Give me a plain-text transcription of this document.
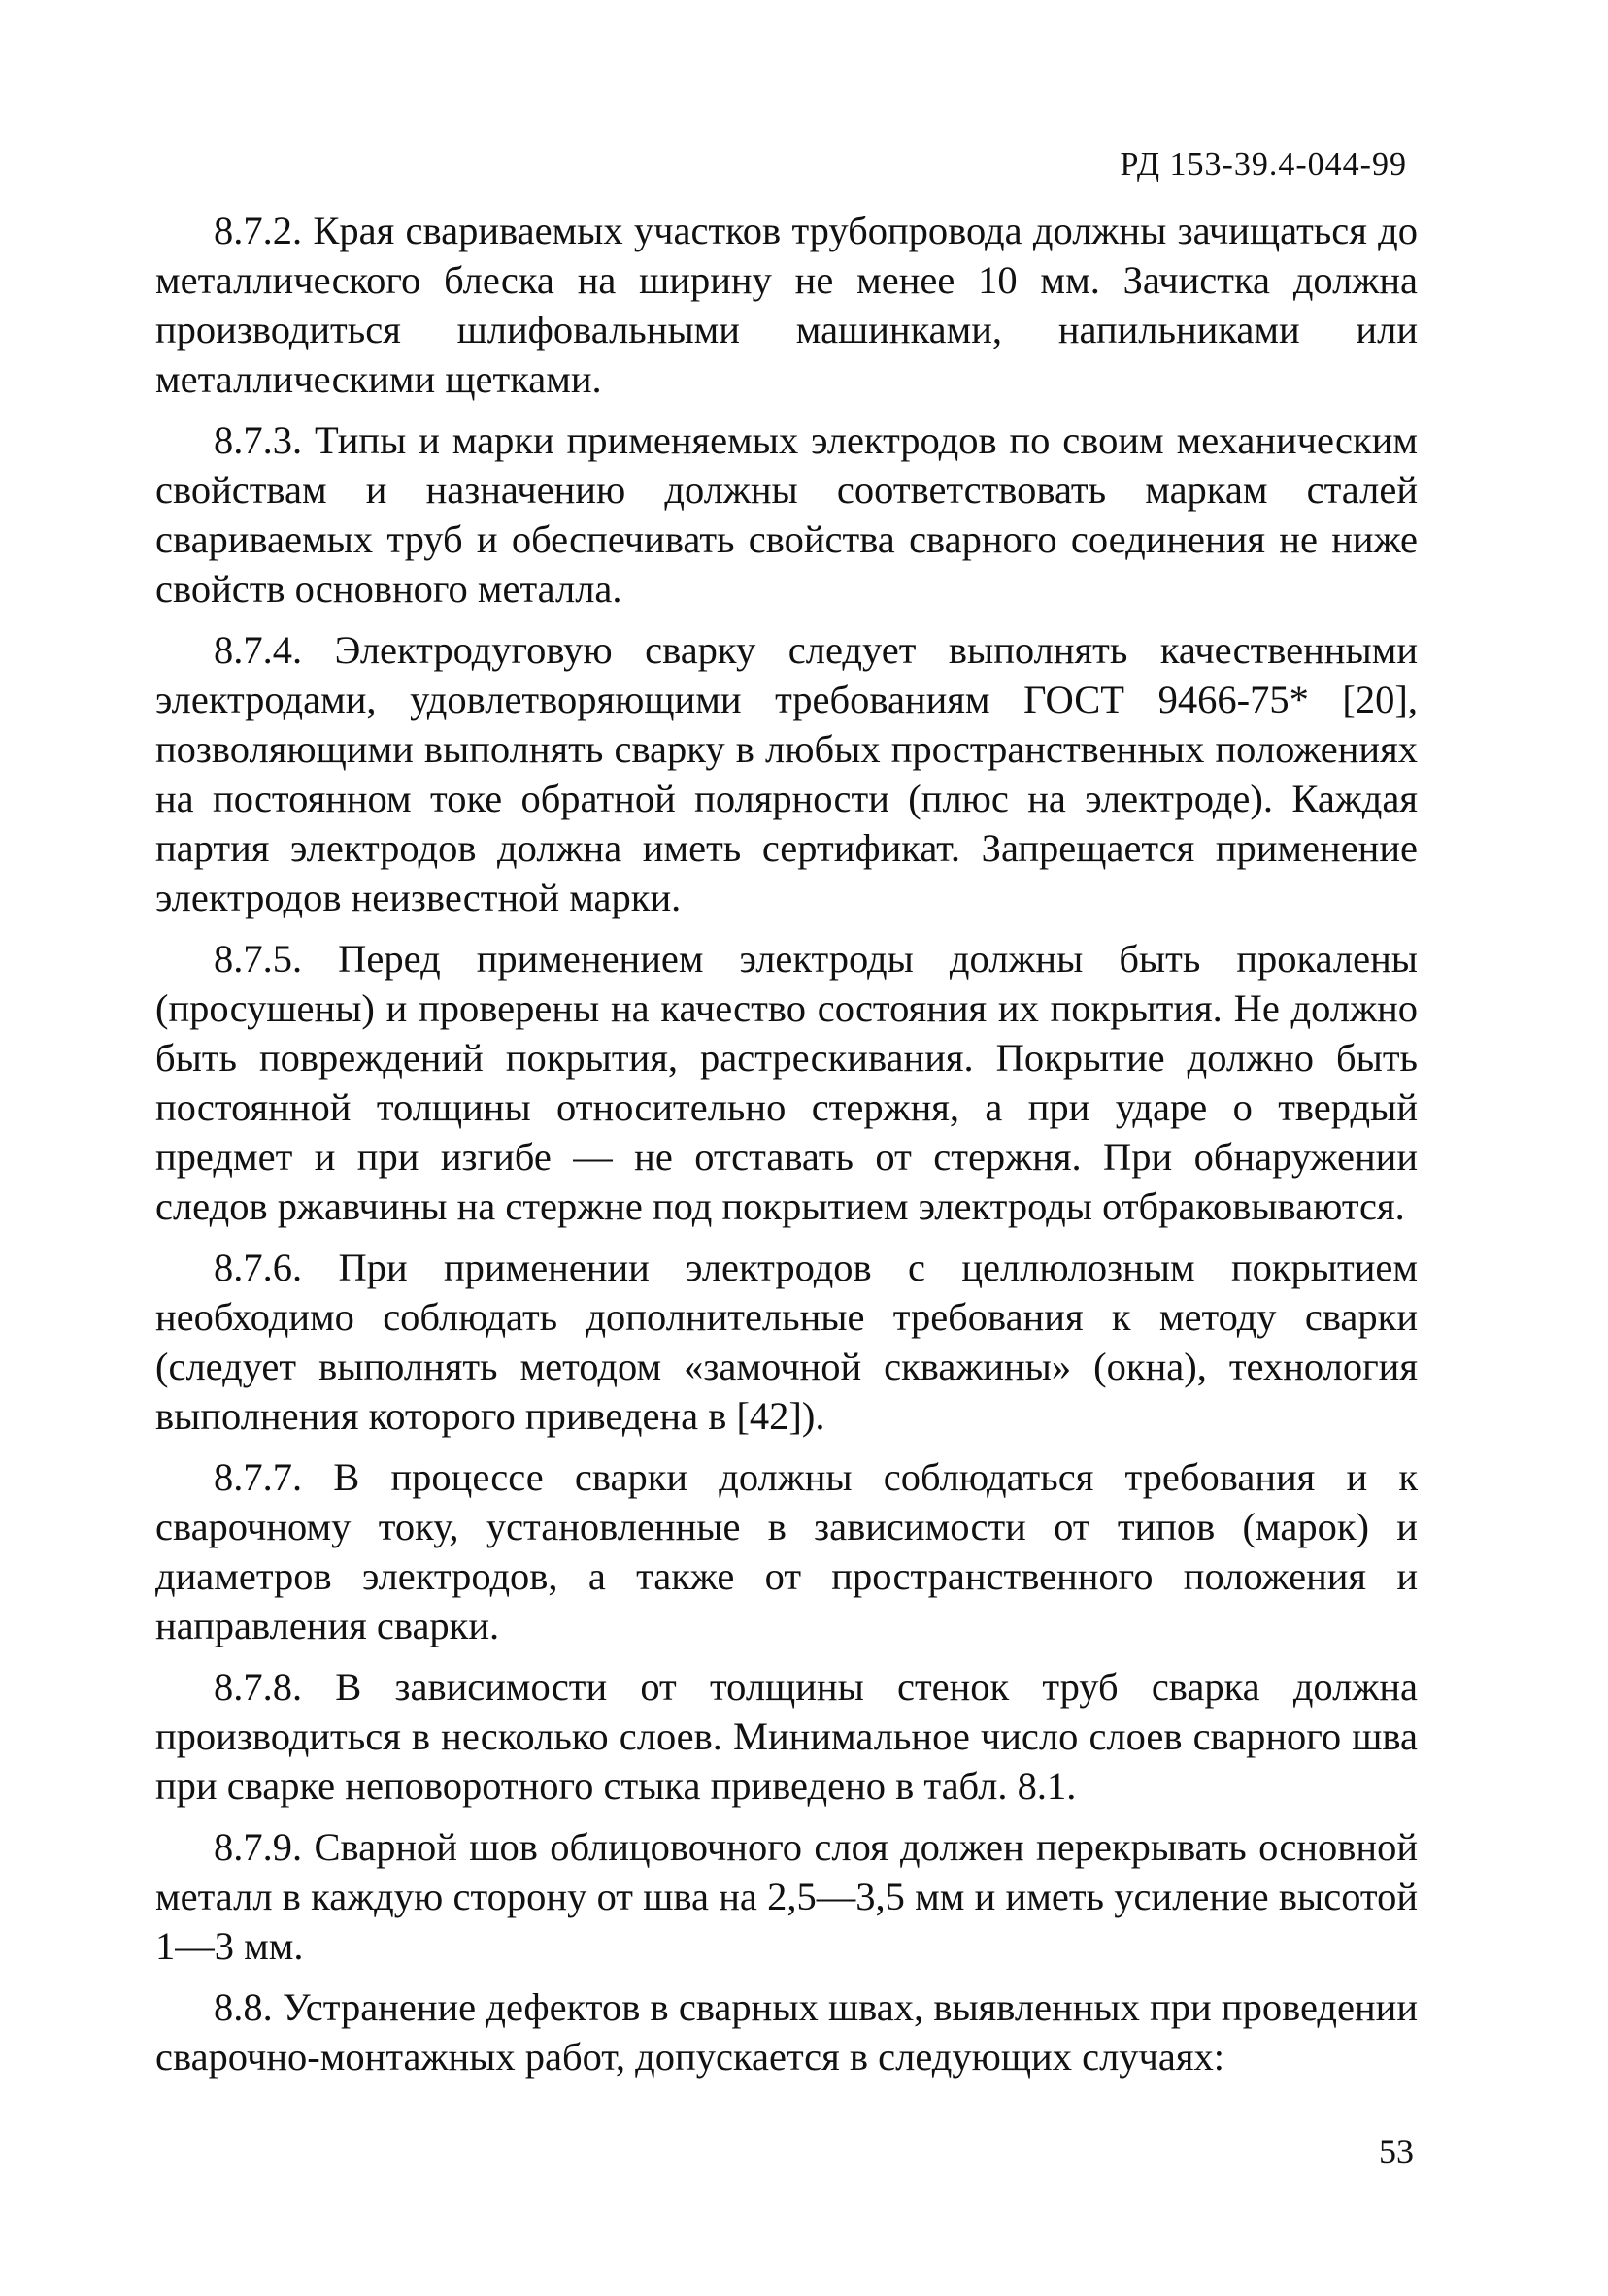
РД 153-39.4-044-99

8.7.2. Края свариваемых участков трубопровода должны зачищаться до металлического блеска на ширину не менее 10 мм. Зачистка должна производиться шлифовальными машинками, напильниками или металлическими щетками.

8.7.3. Типы и марки применяемых электродов по своим механическим свойствам и назначению должны соответствовать маркам сталей свариваемых труб и обеспечивать свойства сварного соединения не ниже свойств основного металла.

8.7.4. Электродуговую сварку следует выполнять качественными электродами, удовлетворяющими требованиям ГОСТ 9466-75* [20], позволяющими выполнять сварку в любых пространственных положениях на постоянном токе обратной полярности (плюс на электроде). Каждая партия электродов должна иметь сертификат. Запрещается применение электродов неизвестной марки.

8.7.5. Перед применением электроды должны быть прокалены (просушены) и проверены на качество состояния их покрытия. Не должно быть повреждений покрытия, растрескивания. Покрытие должно быть постоянной толщины относительно стержня, а при ударе о твердый предмет и при изгибе — не отставать от стержня. При обнаружении следов ржавчины на стержне под покрытием электроды отбраковываются.

8.7.6. При применении электродов с целлюлозным покрытием необходимо соблюдать дополнительные требования к методу сварки (следует выполнять методом «замочной скважины» (окна), технология выполнения которого приведена в [42]).

8.7.7. В процессе сварки должны соблюдаться требования и к сварочному току, установленные в зависимости от типов (марок) и диаметров электродов, а также от пространственного положения и направления сварки.

8.7.8. В зависимости от толщины стенок труб сварка должна производиться в несколько слоев. Минимальное число слоев сварного шва при сварке неповоротного стыка приведено в табл. 8.1.

8.7.9. Сварной шов облицовочного слоя должен перекрывать основной металл в каждую сторону от шва на 2,5—3,5 мм и иметь усиление высотой 1—3 мм.

8.8. Устранение дефектов в сварных швах, выявленных при проведении сварочно-монтажных работ, допускается в следующих случаях:

53
